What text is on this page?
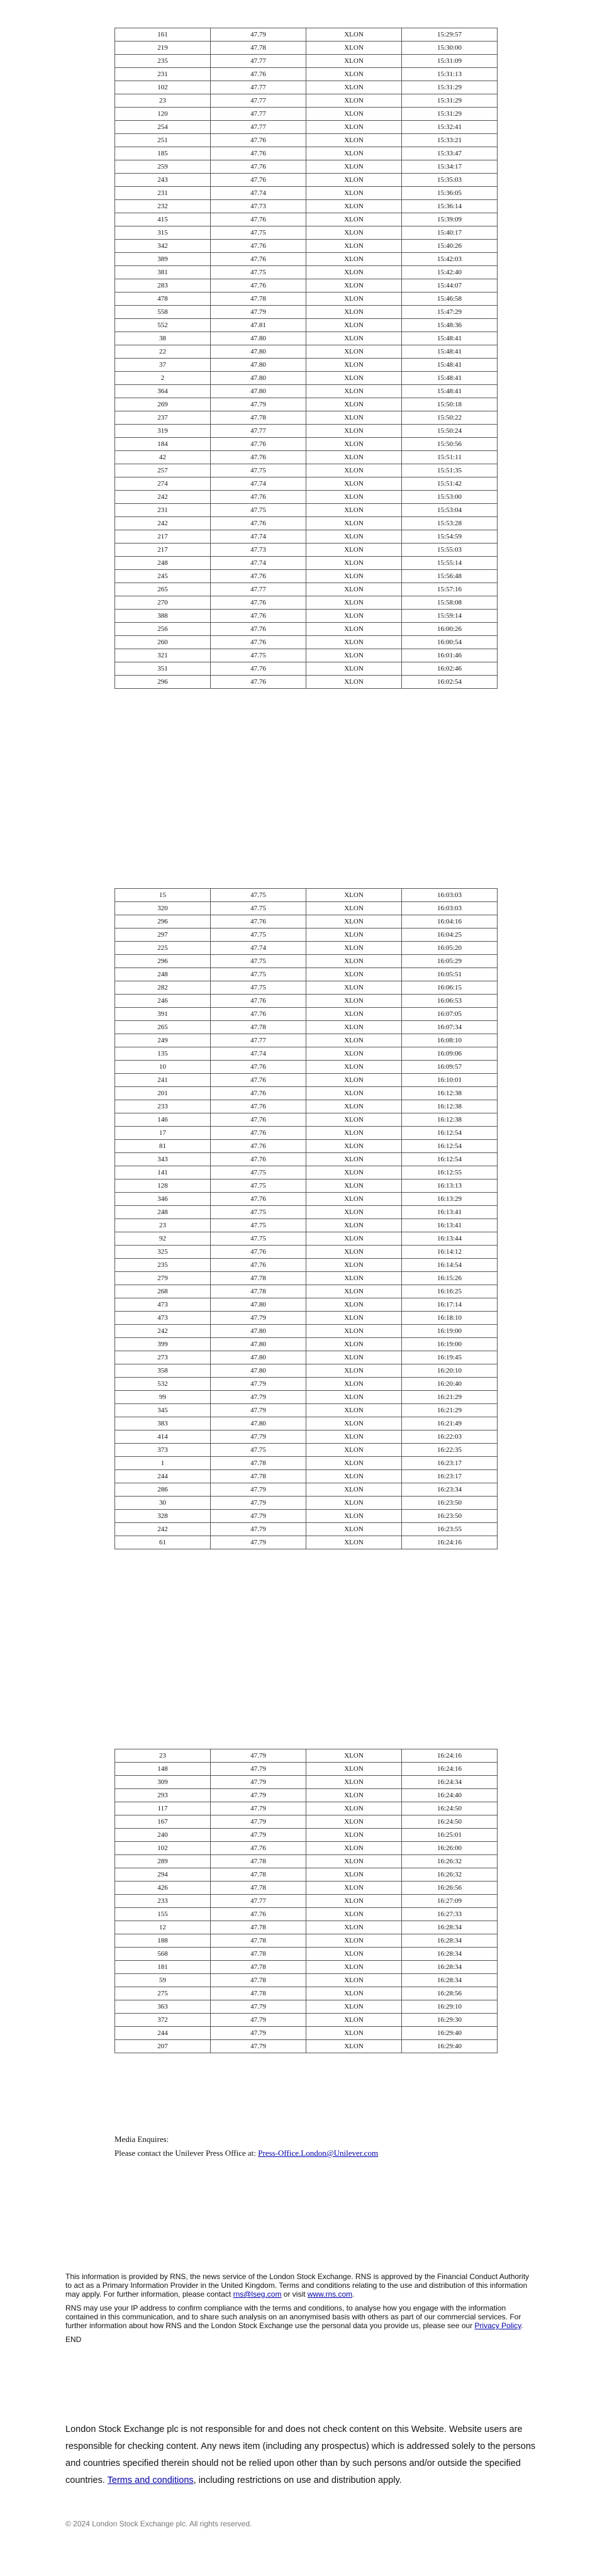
161	47.79	XLON	15:29:57
219	47.78	XLON	15:30:00
235	47.77	XLON	15:31:09
231	47.76	XLON	15:31:13
102	47.77	XLON	15:31:29
23	47.77	XLON	15:31:29
120	47.77	XLON	15:31:29
254	47.77	XLON	15:32:41
251	47.76	XLON	15:33:21
185	47.76	XLON	15:33:47
259	47.76	XLON	15:34:17
243	47.76	XLON	15:35:03
231	47.74	XLON	15:36:05
232	47.73	XLON	15:36:14
415	47.76	XLON	15:39:09
315	47.75	XLON	15:40:17
342	47.76	XLON	15:40:26
389	47.76	XLON	15:42:03
381	47.75	XLON	15:42:40
283	47.76	XLON	15:44:07
478	47.78	XLON	15:46:58
558	47.79	XLON	15:47:29
552	47.81	XLON	15:48:36
38	47.80	XLON	15:48:41
22	47.80	XLON	15:48:41
37	47.80	XLON	15:48:41
2	47.80	XLON	15:48:41
364	47.80	XLON	15:48:41
269	47.79	XLON	15:50:18
237	47.78	XLON	15:50:22
319	47.77	XLON	15:50:24
184	47.76	XLON	15:50:56
42	47.76	XLON	15:51:11
257	47.75	XLON	15:51:35
274	47.74	XLON	15:51:42
242	47.76	XLON	15:53:00
231	47.75	XLON	15:53:04
242	47.76	XLON	15:53:28
217	47.74	XLON	15:54:59
217	47.73	XLON	15:55:03
248	47.74	XLON	15:55:14
245	47.76	XLON	15:56:48
265	47.77	XLON	15:57:16
270	47.76	XLON	15:58:08
388	47.76	XLON	15:59:14
256	47.76	XLON	16:00:26
260	47.76	XLON	16:00:54
321	47.75	XLON	16:01:46
351	47.76	XLON	16:02:46
296	47.76	XLON	16:02:54
15	47.75	XLON	16:03:03
320	47.75	XLON	16:03:03
296	47.76	XLON	16:04:16
297	47.75	XLON	16:04:25
225	47.74	XLON	16:05:20
296	47.75	XLON	16:05:29
248	47.75	XLON	16:05:51
282	47.75	XLON	16:06:15
246	47.76	XLON	16:06:53
391	47.76	XLON	16:07:05
265	47.78	XLON	16:07:34
249	47.77	XLON	16:08:10
135	47.74	XLON	16:09:06
10	47.76	XLON	16:09:57
241	47.76	XLON	16:10:01
201	47.76	XLON	16:12:38
233	47.76	XLON	16:12:38
146	47.76	XLON	16:12:38
17	47.76	XLON	16:12:54
81	47.76	XLON	16:12:54
343	47.76	XLON	16:12:54
141	47.75	XLON	16:12:55
128	47.75	XLON	16:13:13
346	47.76	XLON	16:13:29
248	47.75	XLON	16:13:41
23	47.75	XLON	16:13:41
92	47.75	XLON	16:13:44
325	47.76	XLON	16:14:12
235	47.76	XLON	16:14:54
279	47.78	XLON	16:15:26
268	47.78	XLON	16:16:25
473	47.80	XLON	16:17:14
473	47.79	XLON	16:18:10
242	47.80	XLON	16:19:00
399	47.80	XLON	16:19:00
273	47.80	XLON	16:19:45
358	47.80	XLON	16:20:10
532	47.79	XLON	16:20:40
99	47.79	XLON	16:21:29
345	47.79	XLON	16:21:29
383	47.80	XLON	16:21:49
414	47.79	XLON	16:22:03
373	47.75	XLON	16:22:35
1	47.78	XLON	16:23:17
244	47.78	XLON	16:23:17
286	47.79	XLON	16:23:34
30	47.79	XLON	16:23:50
328	47.79	XLON	16:23:50
242	47.79	XLON	16:23:55
61	47.79	XLON	16:24:16
23	47.79	XLON	16:24:16
148	47.79	XLON	16:24:16
309	47.79	XLON	16:24:34
293	47.79	XLON	16:24:40
117	47.79	XLON	16:24:50
167	47.79	XLON	16:24:50
240	47.79	XLON	16:25:01
102	47.76	XLON	16:26:00
289	47.78	XLON	16:26:32
294	47.78	XLON	16:26:32
426	47.78	XLON	16:26:56
233	47.77	XLON	16:27:09
155	47.76	XLON	16:27:33
12	47.78	XLON	16:28:34
188	47.78	XLON	16:28:34
568	47.78	XLON	16:28:34
181	47.78	XLON	16:28:34
59	47.78	XLON	16:28:34
275	47.78	XLON	16:28:56
363	47.79	XLON	16:29:10
372	47.79	XLON	16:29:30
244	47.79	XLON	16:29:40
207	47.79	XLON	16:29:40
Media Enquires:
Please contact the Unilever Press Office at: Press-Office.London@Unilever.com

This information is provided by RNS, the news service of the London Stock Exchange. RNS is approved by the Financial Conduct Authority to act as a Primary Information Provider in the United Kingdom. Terms and conditions relating to the use and distribution of this information may apply. For further information, please contact rns@lseg.com or visit www.rns.com.

RNS may use your IP address to confirm compliance with the terms and conditions, to analyse how you engage with the information contained in this communication, and to share such analysis on an anonymised basis with others as part of our commercial services. For further information about how RNS and the London Stock Exchange use the personal data you provide us, please see our Privacy Policy.

END

London Stock Exchange plc is not responsible for and does not check content on this Website. Website users are responsible for checking content. Any news item (including any prospectus) which is addressed solely to the persons and countries specified therein should not be relied upon other than by such persons and/or outside the specified countries. Terms and conditions, including restrictions on use and distribution apply.
© 2024 London Stock Exchange plc. All rights reserved.
